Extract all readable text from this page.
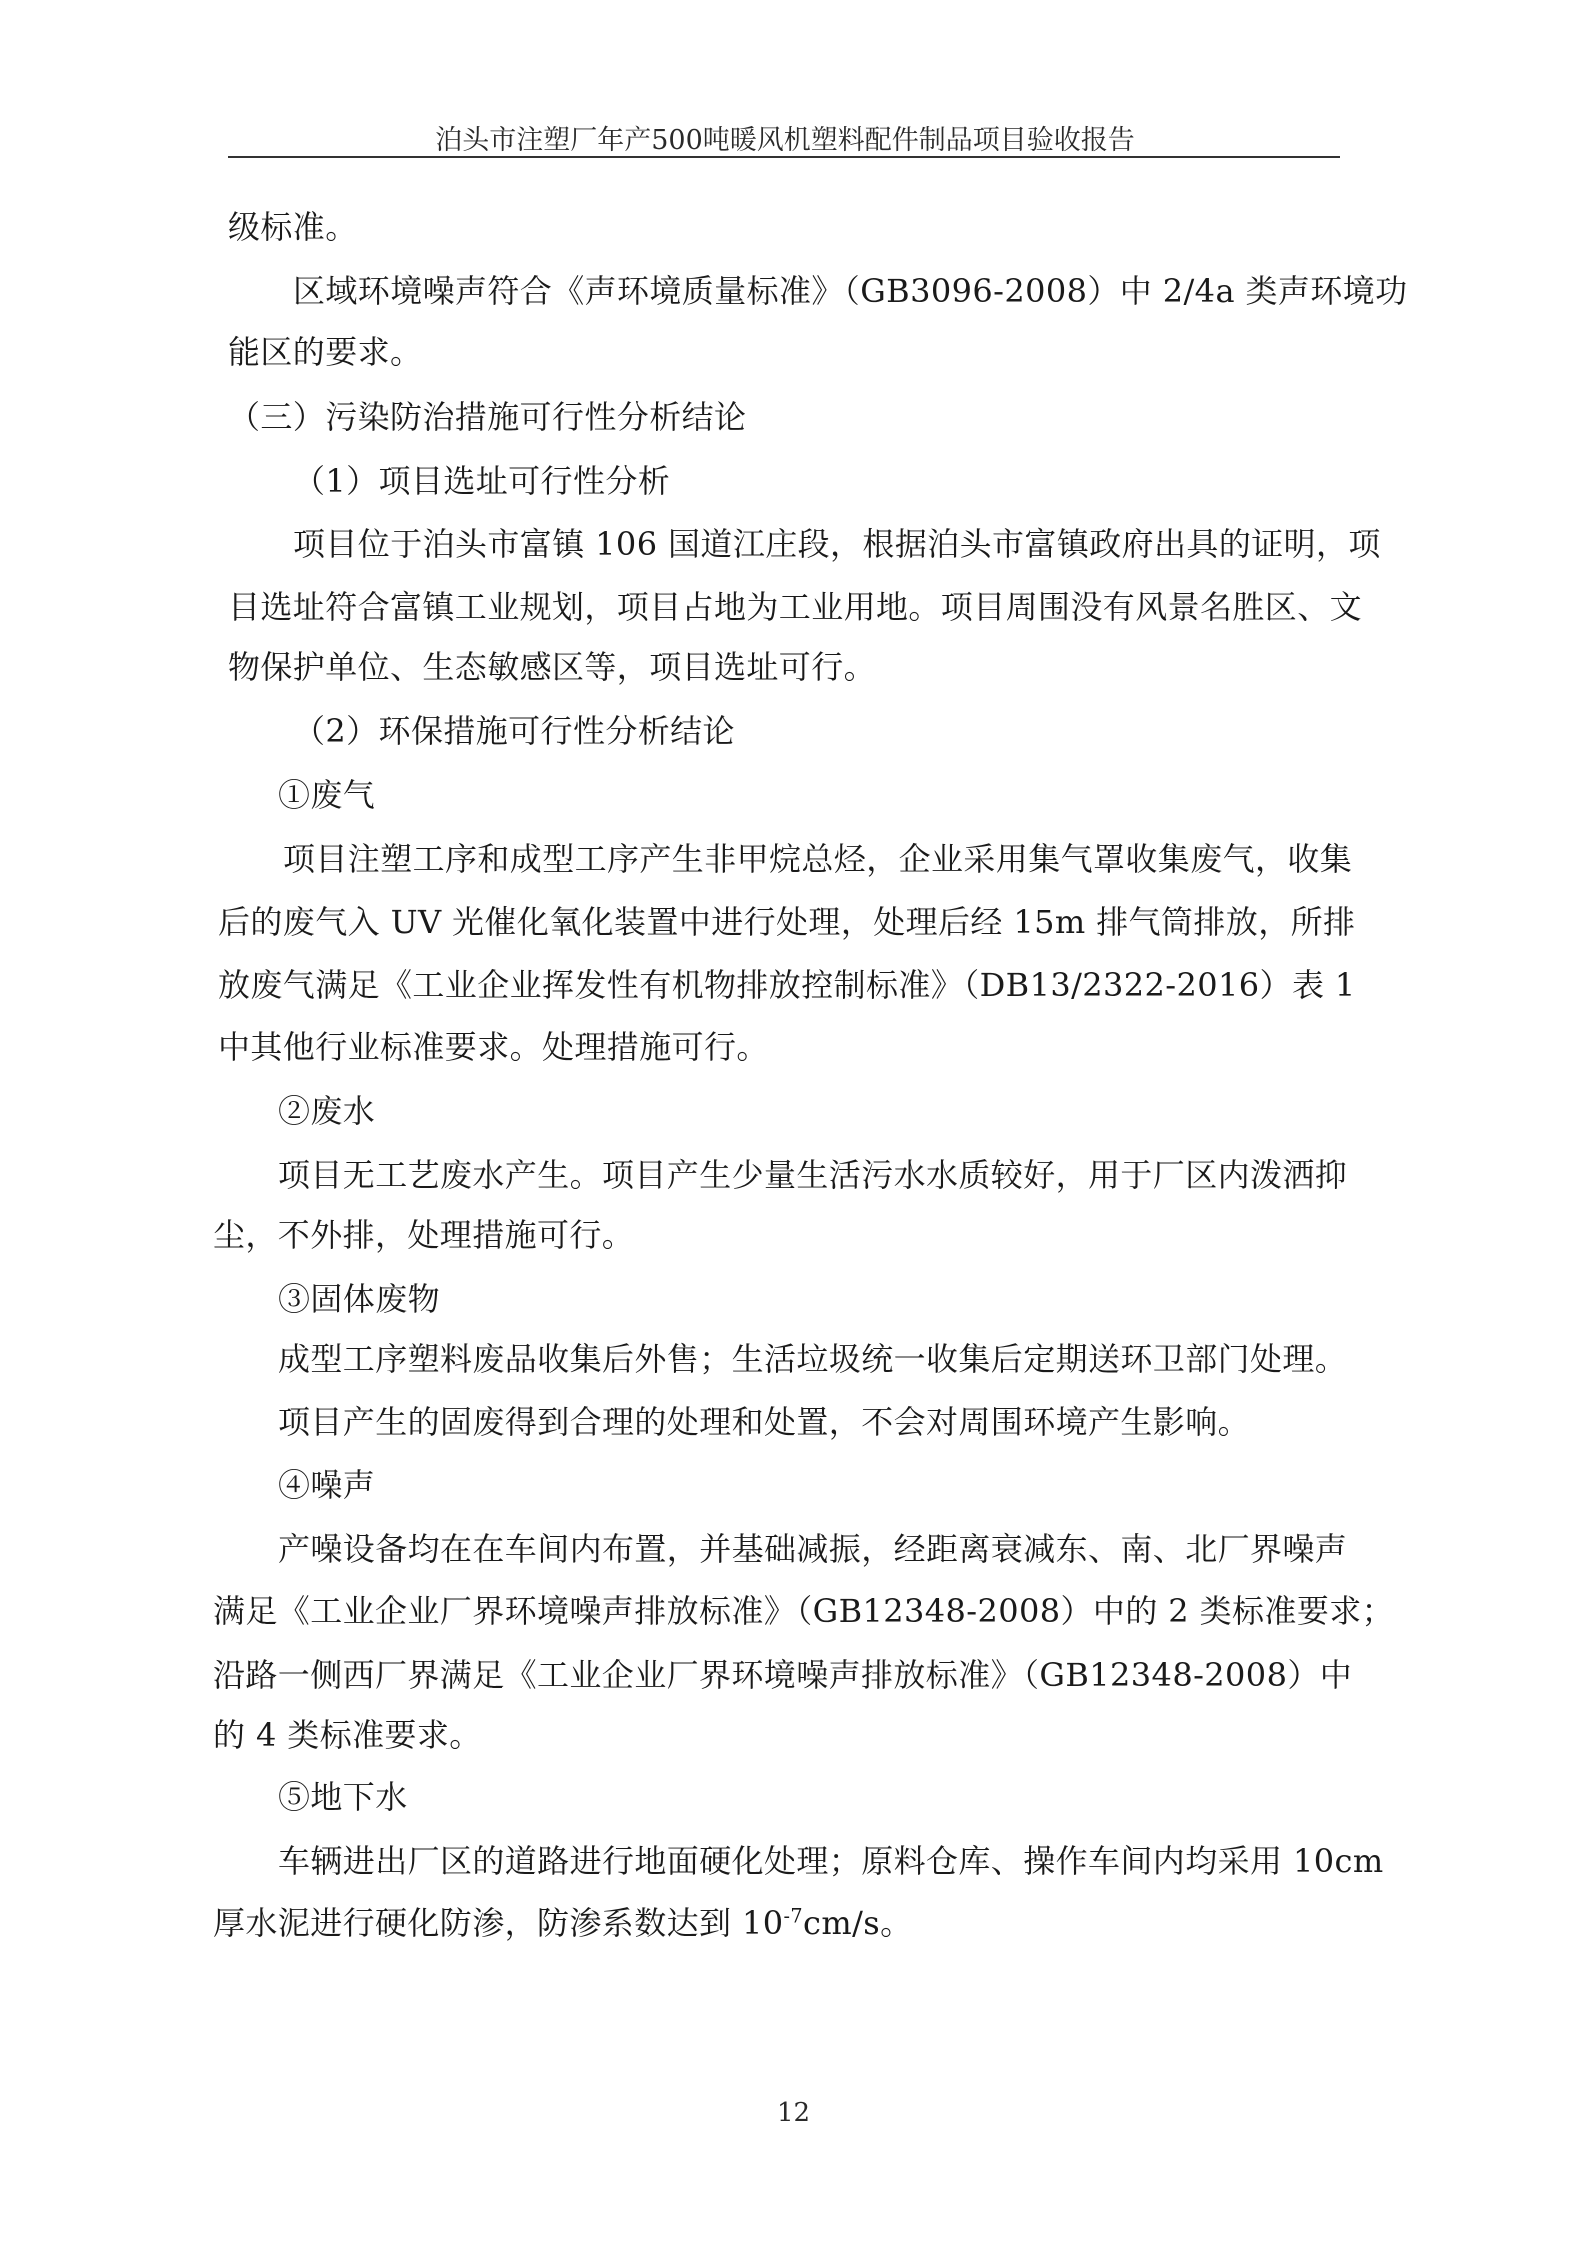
泊头市注塑厂年产500吨暖风机塑料配件制品项目验收报告
级标准。
区域环境噪声符合《声环境质量标准》（GB3096-2008）中 2/4a 类声环境功
能区的要求。
（三）污染防治措施可行性分析结论
（1）项目选址可行性分析
项目位于泊头市富镇 106 国道江庄段，根据泊头市富镇政府出具的证明，项
目选址符合富镇工业规划，项目占地为工业用地。项目周围没有风景名胜区、文
物保护单位、生态敏感区等，项目选址可行。
（2）环保措施可行性分析结论
①废气
项目注塑工序和成型工序产生非甲烷总烃，企业采用集气罩收集废气，收集
后的废气入 UV 光催化氧化装置中进行处理，处理后经 15m 排气筒排放，所排
放废气满足《工业企业挥发性有机物排放控制标准》（DB13/2322-2016）表 1
中其他行业标准要求。处理措施可行。
②废水
项目无工艺废水产生。项目产生少量生活污水水质较好，用于厂区内泼洒抑
尘，不外排，处理措施可行。
③固体废物
成型工序塑料废品收集后外售；生活垃圾统一收集后定期送环卫部门处理。
项目产生的固废得到合理的处理和处置，不会对周围环境产生影响。
④噪声
产噪设备均在在车间内布置，并基础减振，经距离衰减东、南、北厂界噪声
满足《工业企业厂界环境噪声排放标准》（GB12348-2008）中的 2 类标准要求；
沿路一侧西厂界满足《工业企业厂界环境噪声排放标准》（GB12348-2008）中
的 4 类标准要求。
⑤地下水
车辆进出厂区的道路进行地面硬化处理；原料仓库、操作车间内均采用 10cm
厚水泥进行硬化防渗，防渗系数达到 $10^{-7}cm/s$。
12
